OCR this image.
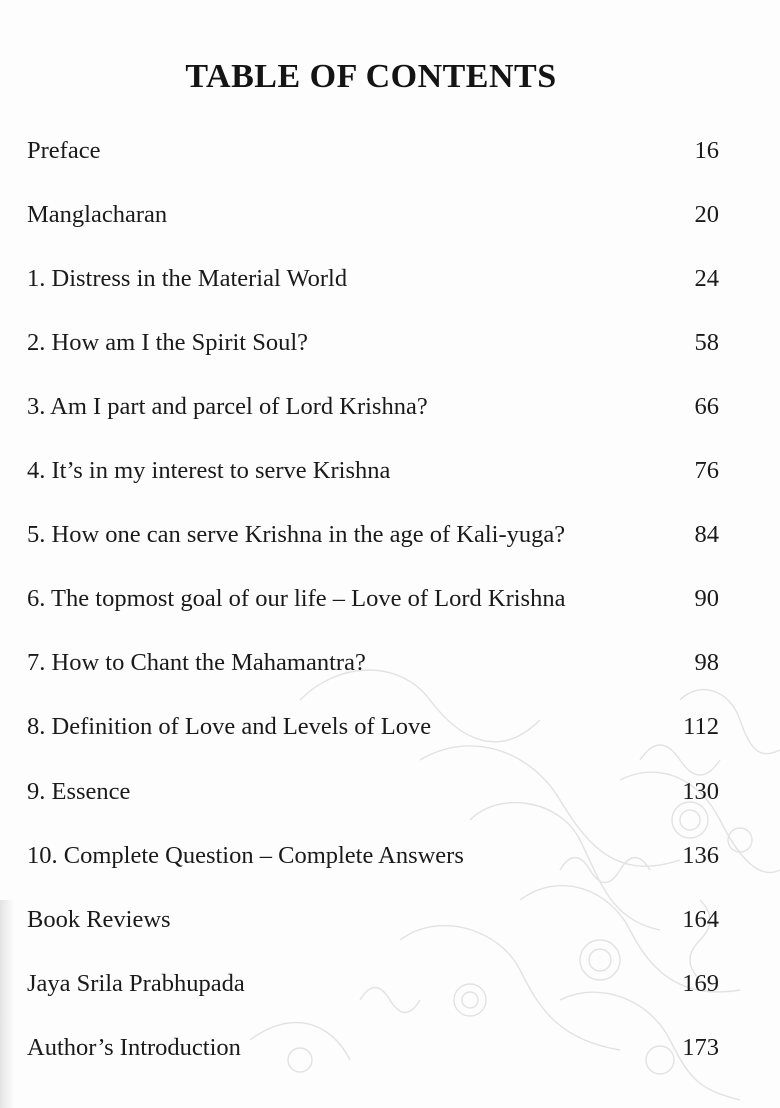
TABLE OF CONTENTS
Preface	16
Manglacharan	20
1. Distress in the Material World	24
2. How am I the Spirit Soul?	58
3. Am I part and parcel of Lord Krishna?	66
4. It’s in my interest to serve Krishna	76
5. How one can serve Krishna in the age of Kali-yuga?	84
6. The topmost goal of our life – Love of Lord Krishna	90
7. How to Chant the Mahamantra?	98
8. Definition of Love and Levels of Love	112
9. Essence	130
10. Complete Question – Complete Answers	136
Book Reviews	164
Jaya Srila Prabhupada	169
Author’s Introduction	173
